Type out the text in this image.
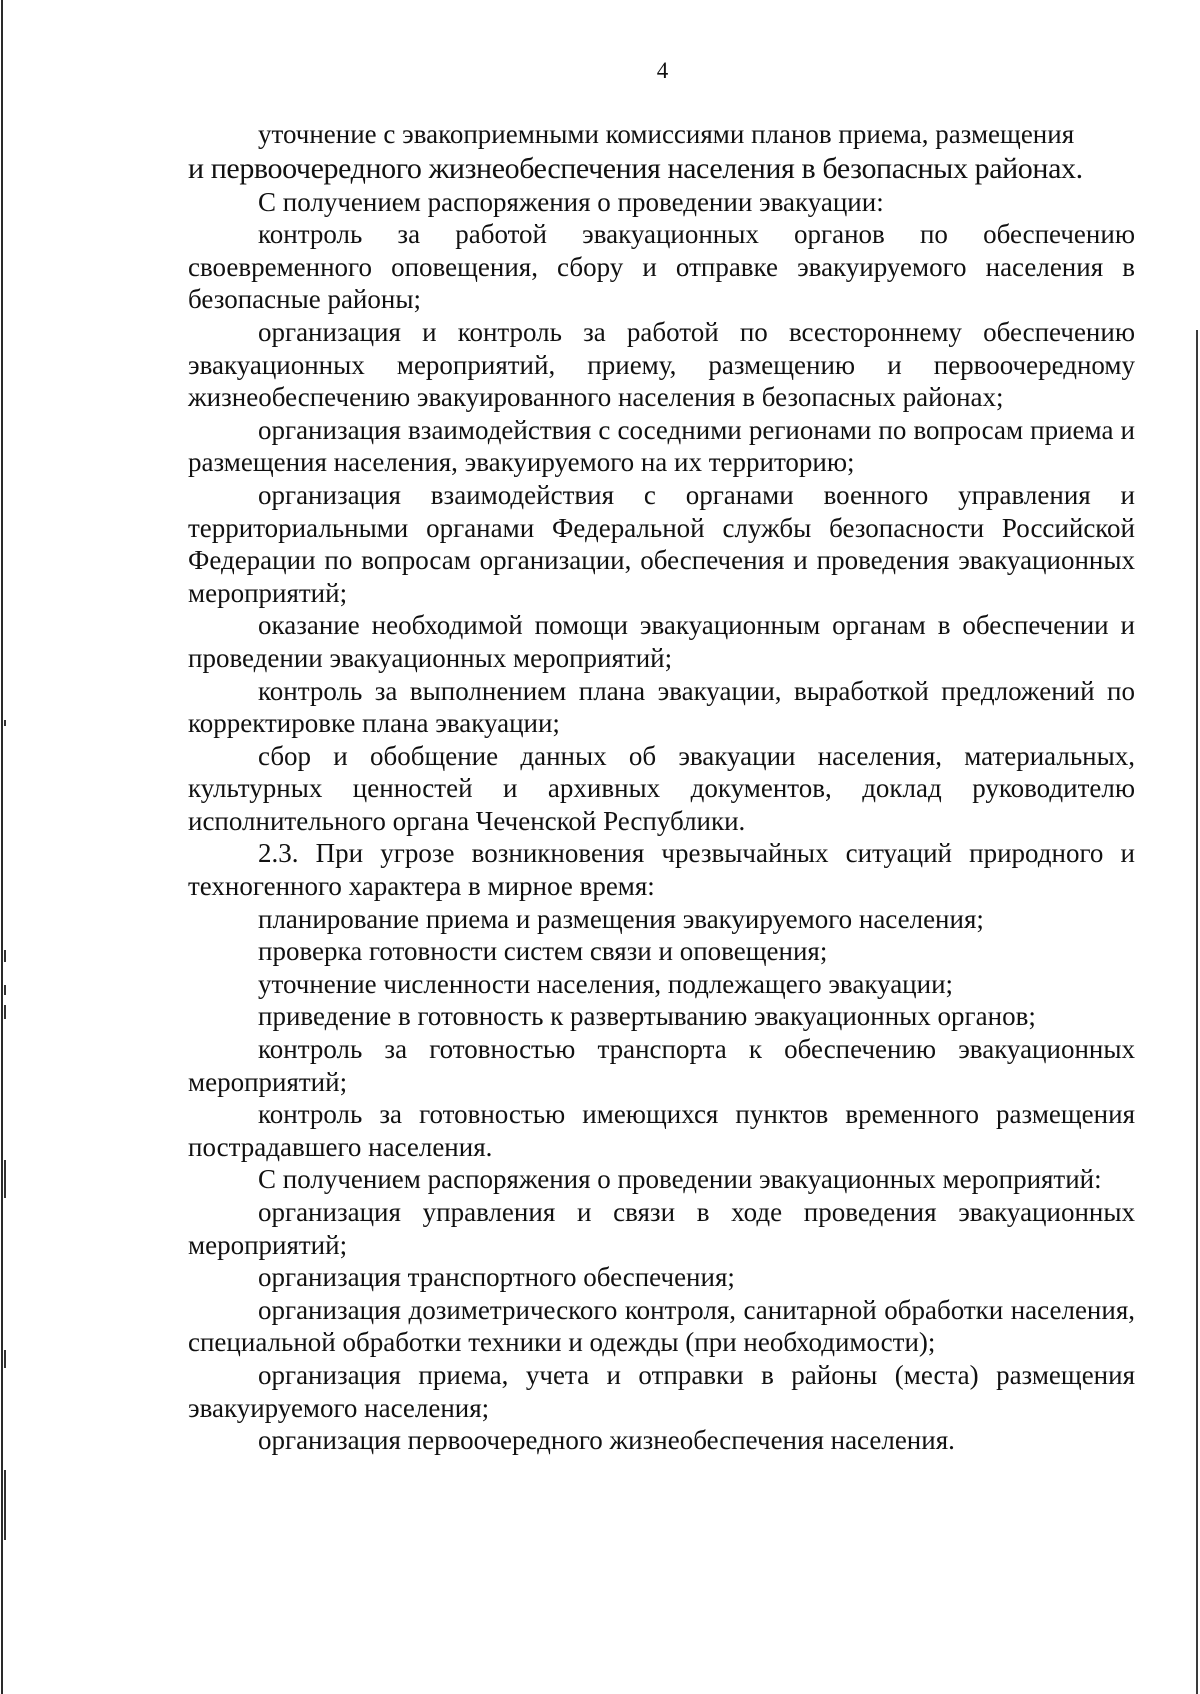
4

уточнение с эвакоприемными комиссиями планов приема, размещения
и первоочередного жизнеобеспечения населения в безопасных районах.

С получением распоряжения о проведении эвакуации:

контроль за работой эвакуационных органов по обеспечению своевременного оповещения, сбору и отправке эвакуируемого населения в безопасные районы;

организация и контроль за работой по всестороннему обеспечению эвакуационных мероприятий, приему, размещению и первоочередному жизнеобеспечению эвакуированного населения в безопасных районах;

организация взаимодействия с соседними регионами по вопросам приема и размещения населения, эвакуируемого на их территорию;

организация взаимодействия с органами военного управления и территориальными органами Федеральной службы безопасности Российской Федерации по вопросам организации, обеспечения и проведения эвакуационных мероприятий;

оказание необходимой помощи эвакуационным органам в обеспечении и проведении эвакуационных мероприятий;

контроль за выполнением плана эвакуации, выработкой предложений по корректировке плана эвакуации;

сбор и обобщение данных об эвакуации населения, материальных, культурных ценностей и архивных документов, доклад руководителю исполнительного органа Чеченской Республики.

2.3. При угрозе возникновения чрезвычайных ситуаций природного и техногенного характера в мирное время:

планирование приема и размещения эвакуируемого населения;

проверка готовности систем связи и оповещения;

уточнение численности населения, подлежащего эвакуации;

приведение в готовность к развертыванию эвакуационных органов;

контроль за готовностью транспорта к обеспечению эвакуационных мероприятий;

контроль за готовностью имеющихся пунктов временного размещения пострадавшего населения.

С получением распоряжения о проведении эвакуационных мероприятий:

организация управления и связи в ходе проведения эвакуационных мероприятий;

организация транспортного обеспечения;

организация дозиметрического контроля, санитарной обработки населения, специальной обработки техники и одежды (при необходимости);

организация приема, учета и отправки в районы (места) размещения эвакуируемого населения;

организация первоочередного жизнеобеспечения населения.
